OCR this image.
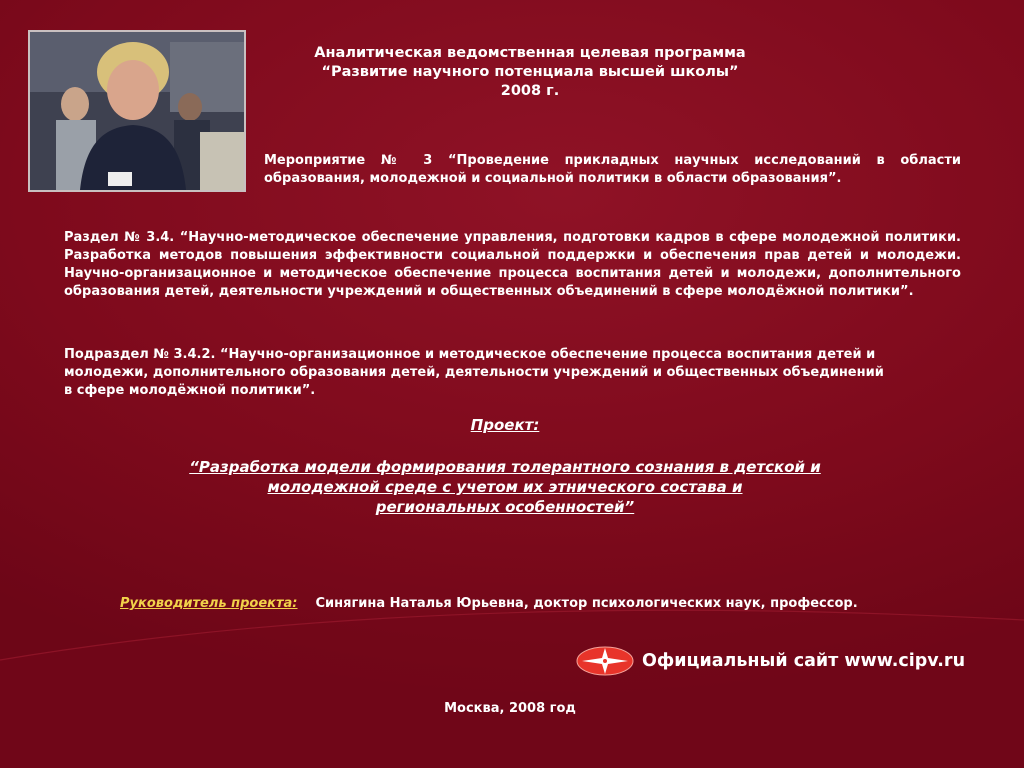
Аналитическая ведомственная целевая программа
“Развитие научного потенциала высшей школы”
2008 г.
Мероприятие № 3 “Проведение прикладных научных исследований в области образования, молодежной и социальной политики в области образования”.
Раздел № 3.4. “Научно-методическое обеспечение управления, подготовки кадров в сфере молодежной политики. Разработка методов повышения эффективности социальной поддержки и обеспечения прав детей и молодежи. Научно-организационное и методическое обеспечение процесса воспитания детей и молодежи, дополнительного образования детей, деятельности учреждений и общественных объединений в сфере молодёжной политики”.
Подраздел № 3.4.2. “Научно-организационное и методическое обеспечение процесса воспитания детей и
молодежи, дополнительного образования детей, деятельности учреждений и общественных объединений
в сфере молодёжной политики”.
Проект:
“Разработка модели формирования толерантного сознания в детской и
молодежной среде с учетом их этнического состава и
региональных особенностей”
Руководитель проекта: Синягина Наталья Юрьевна, доктор психологических наук, профессор.
Официальный сайт www.cipv.ru
Москва, 2008 год
